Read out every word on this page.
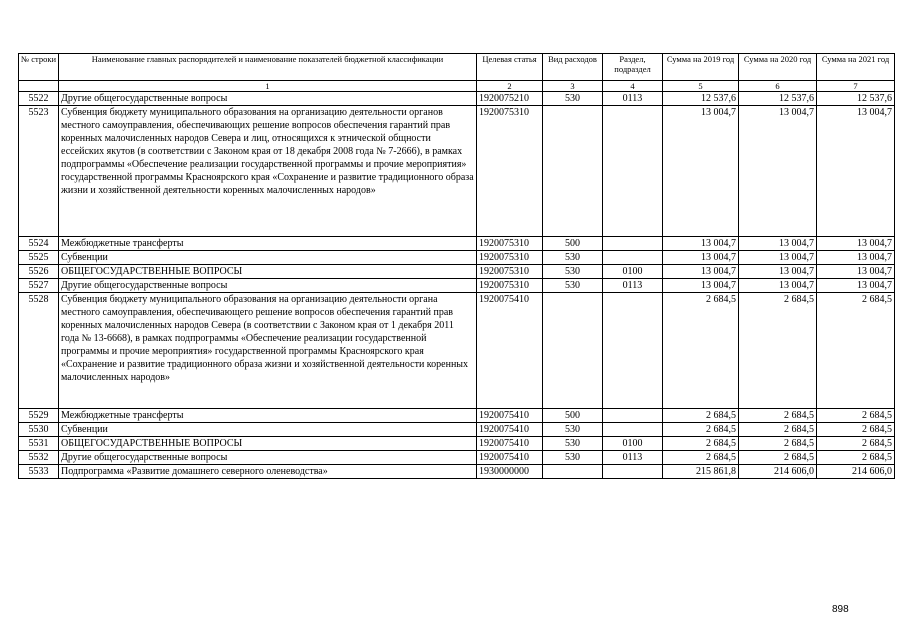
№ строки	Наименование главных распорядителей и наименование показателей бюджетной классификации	Целевая статья	Вид расходов	Раздел, подраздел	Сумма на 2019 год	Сумма на 2020 год	Сумма на 2021 год
	1	2	3	4	5	6	7
5522	Другие общегосударственные вопросы	1920075210	530	0113	12 537,6	12 537,6	12 537,6
5523	Субвенция бюджету муниципального образования на организацию деятельности органов местного самоуправления, обеспечивающих решение вопросов обеспечения гарантий прав коренных малочисленных народов Севера и лиц, относящихся к этнической общности ессейских якутов (в соответствии с Законом края от 18 декабря 2008 года № 7-2666), в рамках подпрограммы «Обеспечение реализации государственной программы и прочие мероприятия» государственной программы Красноярского края «Сохранение и развитие традиционного образа жизни и хозяйственной деятельности коренных малочисленных народов»	1920075310			13 004,7	13 004,7	13 004,7
5524	Межбюджетные трансферты	1920075310	500		13 004,7	13 004,7	13 004,7
5525	Субвенции	1920075310	530		13 004,7	13 004,7	13 004,7
5526	ОБЩЕГОСУДАРСТВЕННЫЕ ВОПРОСЫ	1920075310	530	0100	13 004,7	13 004,7	13 004,7
5527	Другие общегосударственные вопросы	1920075310	530	0113	13 004,7	13 004,7	13 004,7
5528	Субвенция бюджету муниципального образования на организацию деятельности органа местного самоуправления, обеспечивающего решение вопросов обеспечения гарантий прав коренных малочисленных народов Севера (в соответствии с Законом края от 1 декабря 2011 года № 13-6668), в рамках подпрограммы «Обеспечение реализации государственной программы и прочие мероприятия» государственной программы Красноярского края «Сохранение и развитие традиционного образа жизни и хозяйственной деятельности коренных малочисленных народов»	1920075410			2 684,5	2 684,5	2 684,5
5529	Межбюджетные трансферты	1920075410	500		2 684,5	2 684,5	2 684,5
5530	Субвенции	1920075410	530		2 684,5	2 684,5	2 684,5
5531	ОБЩЕГОСУДАРСТВЕННЫЕ ВОПРОСЫ	1920075410	530	0100	2 684,5	2 684,5	2 684,5
5532	Другие общегосударственные вопросы	1920075410	530	0113	2 684,5	2 684,5	2 684,5
5533	Подпрограмма «Развитие домашнего северного оленеводства»	1930000000			215 861,8	214 606,0	214 606,0
898
